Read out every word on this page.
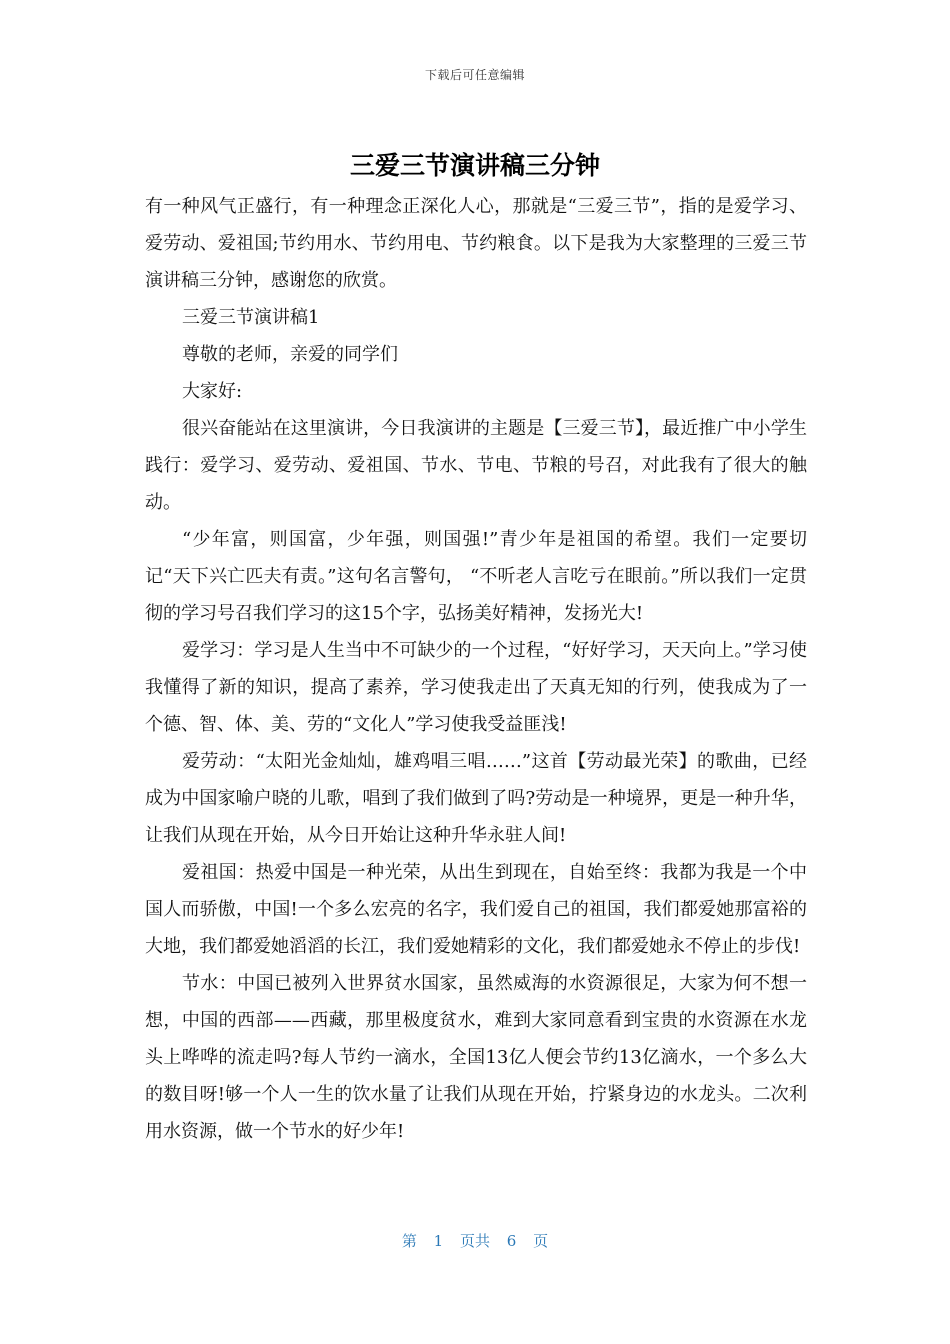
下载后可任意编辑
三爱三节演讲稿三分钟

有一种风气正盛行，有一种理念正深化人心，那就是“三爱三节”，指的是爱学习、爱劳动、爱祖国;节约用水、节约用电、节约粮食。以下是我为大家整理的三爱三节演讲稿三分钟，感谢您的欣赏。

三爱三节演讲稿1

尊敬的老师，亲爱的同学们

大家好:

很兴奋能站在这里演讲，今日我演讲的主题是【三爱三节】，最近推广中小学生践行：爱学习、爱劳动、爱祖国、节水、节电、节粮的号召，对此我有了很大的触动。

“少年富，则国富，少年强，则国强!”青少年是祖国的希望。我们一定要切记“天下兴亡匹夫有责。”这句名言警句， “不听老人言吃亏在眼前。”所以我们一定贯彻的学习号召我们学习的这15个字，弘扬美好精神，发扬光大!

爱学习：学习是人生当中不可缺少的一个过程，“好好学习，天天向上。”学习使我懂得了新的知识，提高了素养，学习使我走出了天真无知的行列，使我成为了一个德、智、体、美、劳的“文化人”学习使我受益匪浅!

爱劳动：“太阳光金灿灿，雄鸡唱三唱……”这首【劳动最光荣】的歌曲，已经成为中国家喻户晓的儿歌，唱到了我们做到了吗?劳动是一种境界，更是一种升华，让我们从现在开始，从今日开始让这种升华永驻人间!

爱祖国：热爱中国是一种光荣，从出生到现在，自始至终：我都为我是一个中国人而骄傲，中国!一个多么宏亮的名字，我们爱自己的祖国，我们都爱她那富裕的大地，我们都爱她滔滔的长江，我们爱她精彩的文化，我们都爱她永不停止的步伐!

节水：中国已被列入世界贫水国家，虽然威海的水资源很足，大家为何不想一想，中国的西部——西藏，那里极度贫水，难到大家同意看到宝贵的水资源在水龙头上哗哗的流走吗?每人节约一滴水，全国13亿人便会节约13亿滴水，一个多么大的数目呀!够一个人一生的饮水量了让我们从现在开始，拧紧身边的水龙头。二次利用水资源，做一个节水的好少年!

第 1 页共 6 页
